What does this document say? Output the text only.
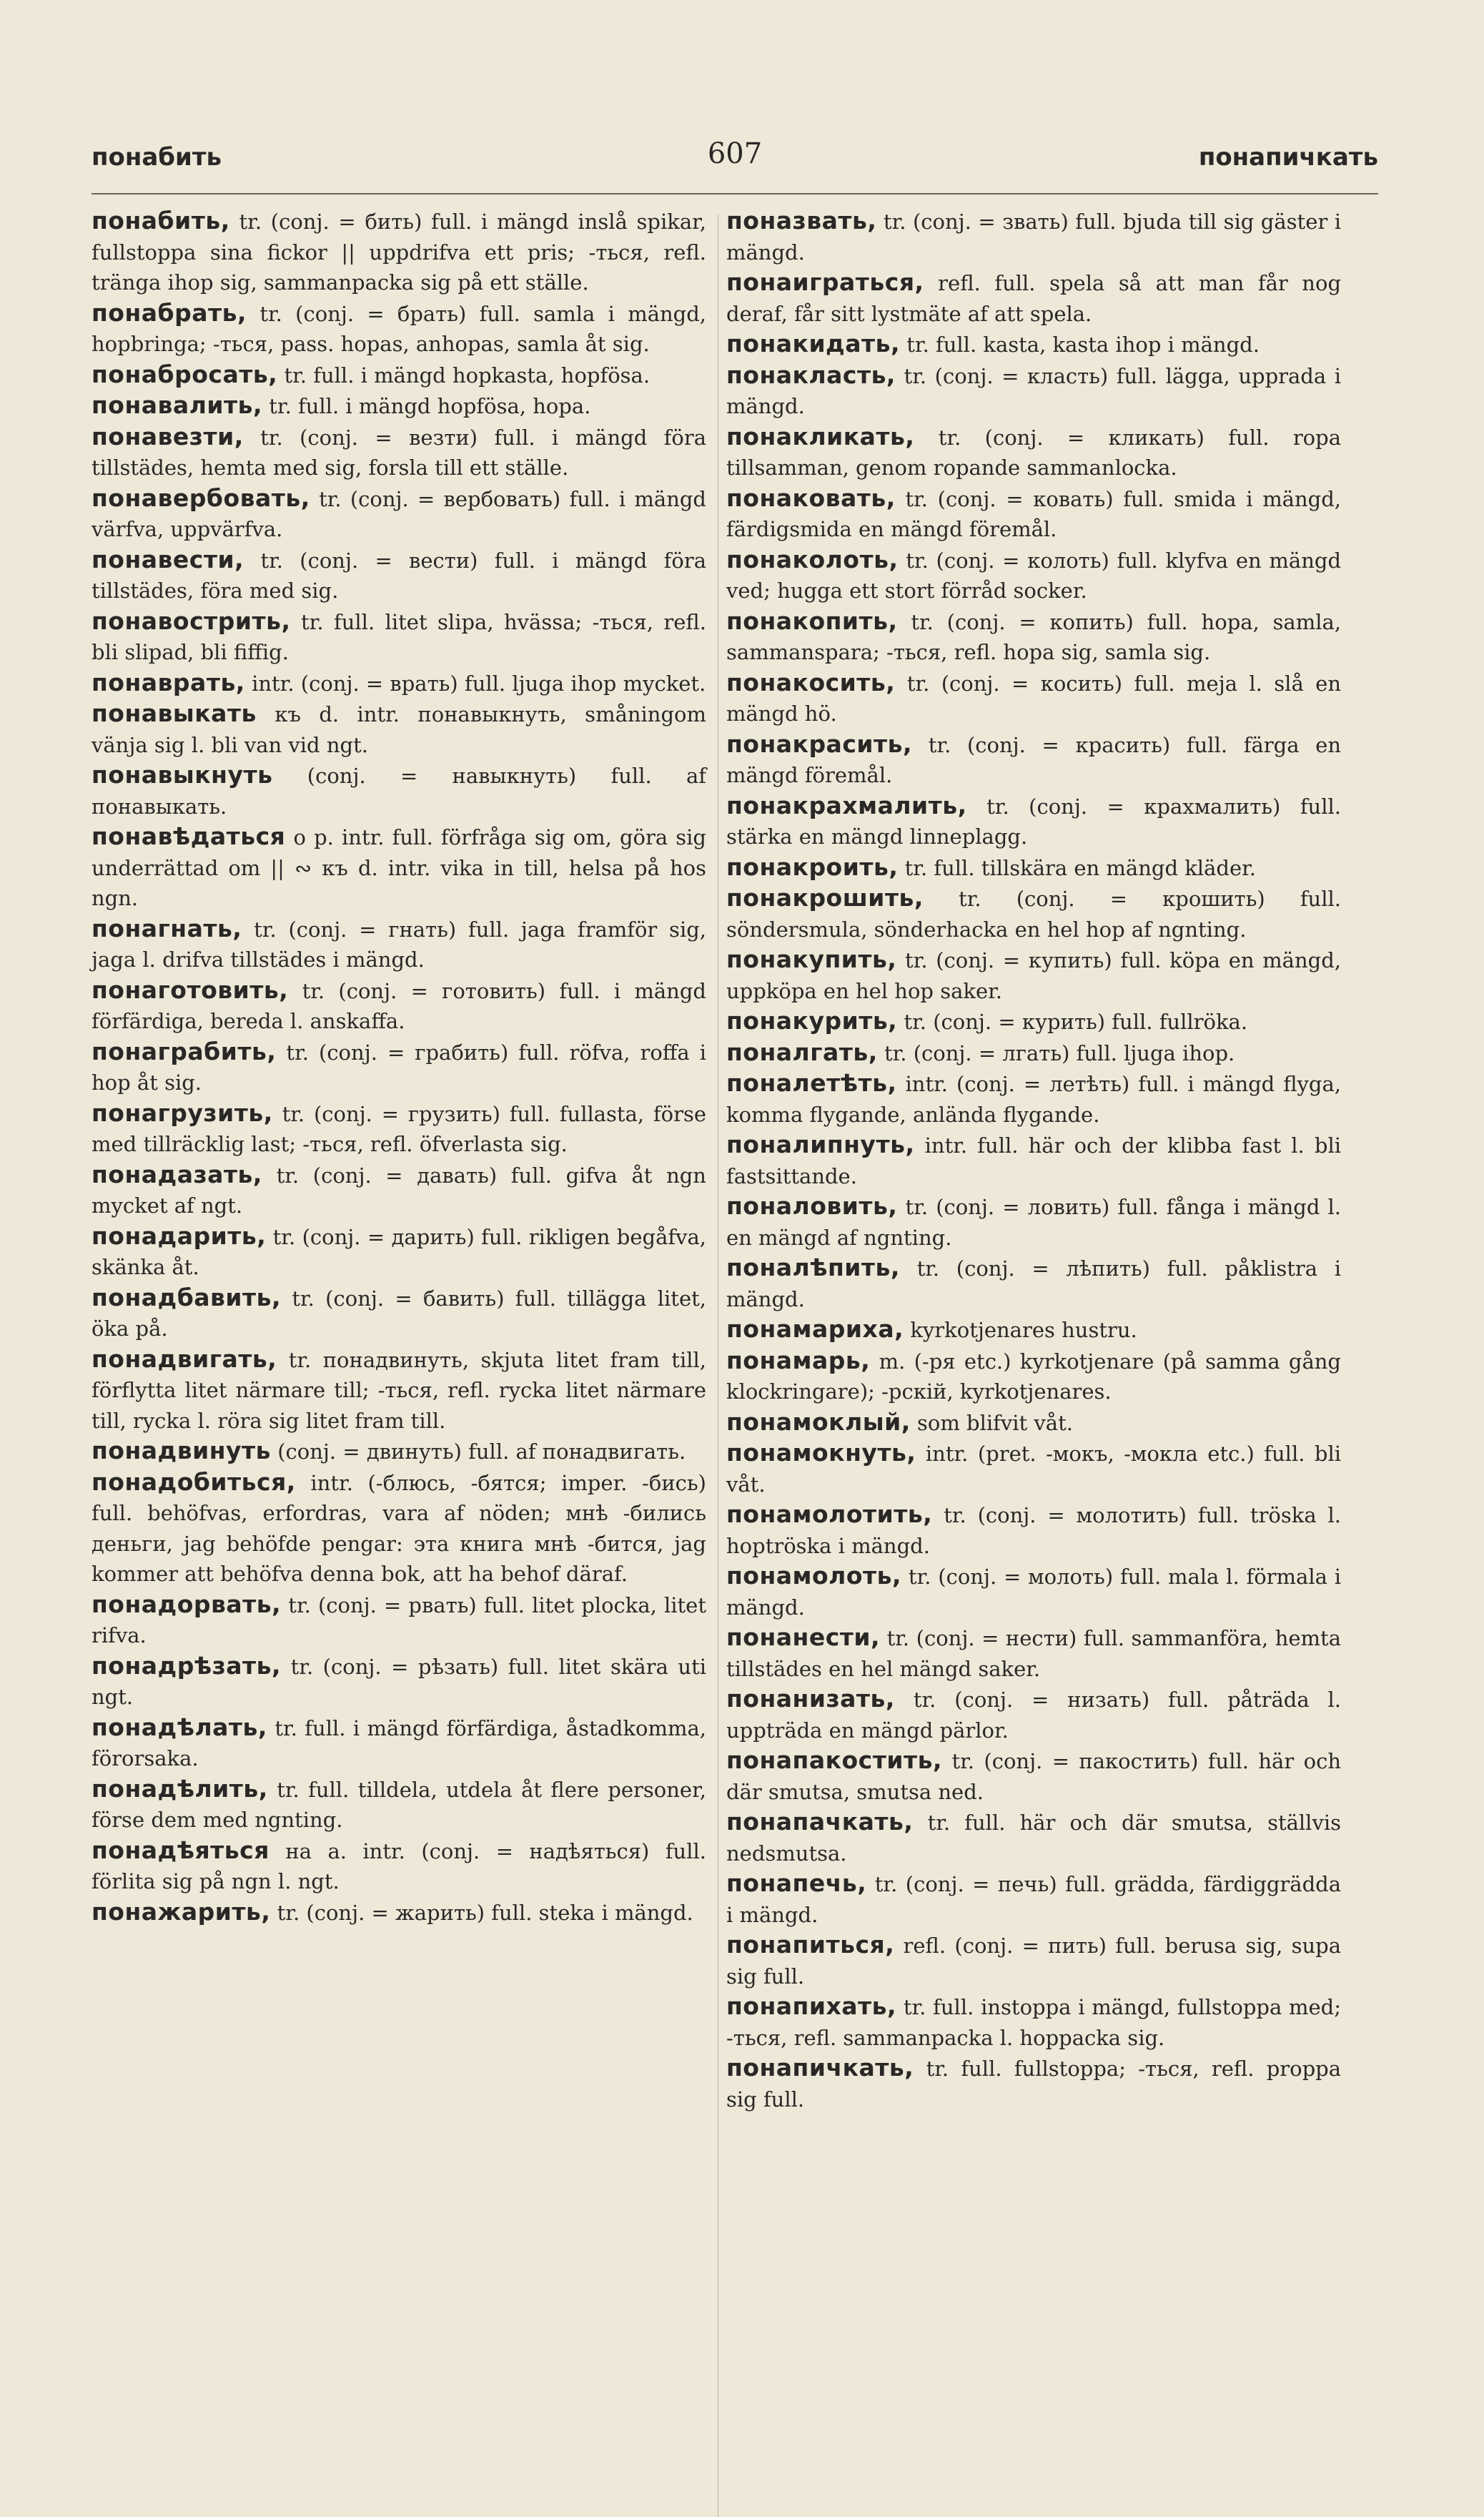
понабить	607	понапичкать
понабить, tr. (conj. = бить) full. i mängd inslå spikar, fullstoppa sina fickor || uppdrifva ett pris; -ться, refl. tränga ihop sig, sammanpacka sig på ett ställe.
понабрать, tr. (conj. = брать) full. samla i mängd, hopbringa; -ться, pass. hopas, anhopas, samla åt sig.
понабросать, tr. full. i mängd hopkasta, hopfösa.
понавалить, tr. full. i mängd hopfösa, hopa.
понавезти, tr. (conj. = везти) full. i mängd föra tillstädes, hemta med sig, forsla till ett ställe.
понавербовать, tr. (conj. = вербовать) full. i mängd värfva, uppvärfva.
понавести, tr. (conj. = вести) full. i mängd föra tillstädes, föra med sig.
понавострить, tr. full. litet slipa, hvässa; -ться, refl. bli slipad, bli fiffig.
понаврать, intr. (conj. = врать) full. ljuga ihop mycket.
понавыкать къ d. intr. понавыкнуть, småningom vänja sig l. bli van vid ngt.
понавыкнуть (conj. = навыкнуть) full. af понавыкать.
понавѣдаться о p. intr. full. förfråga sig om, göra sig underrättad om || ∾ къ d. intr. vika in till, helsa på hos ngn.
понагнать, tr. (conj. = гнать) full. jaga framför sig, jaga l. drifva tillstädes i mängd.
понаготовить, tr. (conj. = готовить) full. i mängd förfärdiga, bereda l. anskaffa.
понаграбить, tr. (conj. = грабить) full. röfva, roffa i hop åt sig.
понагрузить, tr. (conj. = грузить) full. fullasta, förse med tillräcklig last; -ться, refl. öfverlasta sig.
понадазать, tr. (conj. = давать) full. gifva åt ngn mycket af ngt.
понадарить, tr. (conj. = дарить) full. rikligen begåfva, skänka åt.
понадбавить, tr. (conj. = бавить) full. tillägga litet, öka på.
понадвигать, tr. понадвинуть, skjuta litet fram till, förflytta litet närmare till; -ться, refl. rycka litet närmare till, rycka l. röra sig litet fram till.
понадвинуть (conj. = двинуть) full. af понадвигать.
понадобиться, intr. (-блюсь, -бятся; imper. -бись) full. behöfvas, erfordras, vara af nöden; мнѣ -бились деньги, jag behöfde pengar: эта книга мнѣ -бится, jag kommer att behöfva denna bok, att ha behof däraf.
понадорвать, tr. (conj. = рвать) full. litet plocka, litet rifva.
понадрѣзать, tr. (conj. = рѣзать) full. litet skära uti ngt.
понадѣлать, tr. full. i mängd förfärdiga, åstadkomma, förorsaka.
понадѣлить, tr. full. tilldela, utdela åt flere personer, förse dem med ngnting.
понадѣяться на a. intr. (conj. = надѣяться) full. förlita sig på ngn l. ngt.
понажарить, tr. (conj. = жарить) full. steka i mängd.
поназвать, tr. (conj. = звать) full. bjuda till sig gäster i mängd.
понаиграться, refl. full. spela så att man får nog deraf, får sitt lystmäte af att spela.
понакидать, tr. full. kasta, kasta ihop i mängd.
понакласть, tr. (conj. = класть) full. lägga, upprada i mängd.
понакликать, tr. (conj. = кликать) full. ropa tillsamman, genom ropande sammanlocka.
понаковать, tr. (conj. = ковать) full. smida i mängd, färdigsmida en mängd föremål.
понаколоть, tr. (conj. = колоть) full. klyfva en mängd ved; hugga ett stort förråd socker.
понакопить, tr. (conj. = копить) full. hopa, samla, sammanspara; -ться, refl. hopa sig, samla sig.
понакосить, tr. (conj. = косить) full. meja l. slå en mängd hö.
понакрасить, tr. (conj. = красить) full. färga en mängd föremål.
понакрахмалить, tr. (conj. = крахмалить) full. stärka en mängd linneplagg.
понакроить, tr. full. tillskära en mängd kläder.
понакрошить, tr. (conj. = крошить) full. söndersmula, sönderhacka en hel hop af ngnting.
понакупить, tr. (conj. = купить) full. köpa en mängd, uppköpa en hel hop saker.
понакурить, tr. (conj. = курить) full. fullröka.
поналгать, tr. (conj. = лгать) full. ljuga ihop.
поналетѣть, intr. (conj. = летѣть) full. i mängd flyga, komma flygande, anlända flygande.
поналипнуть, intr. full. här och der klibba fast l. bli fastsittande.
поналовить, tr. (conj. = ловить) full. fånga i mängd l. en mängd af ngnting.
поналѣпить, tr. (conj. = лѣпить) full. påklistra i mängd.
понамариха, kyrkotjenares hustru.
понамарь, m. (-ря etc.) kyrkotjenare (på samma gång klockringare); -рскій, kyrkotjenares.
понамоклый, som blifvit våt.
понамокнуть, intr. (pret. -мокъ, -мокла etc.) full. bli våt.
понамолотить, tr. (conj. = молотить) full. tröska l. hoptröska i mängd.
понамолоть, tr. (conj. = молоть) full. mala l. förmala i mängd.
понанести, tr. (conj. = нести) full. sammanföra, hemta tillstädes en hel mängd saker.
понанизать, tr. (conj. = низать) full. påträda l. uppträda en mängd pärlor.
понапакостить, tr. (conj. = пакостить) full. här och där smutsa, smutsa ned.
понапачкать, tr. full. här och där smutsa, ställvis nedsmutsa.
понапечь, tr. (conj. = печь) full. grädda, färdiggrädda i mängd.
понапиться, refl. (conj. = пить) full. berusa sig, supa sig full.
понапихать, tr. full. instoppa i mängd, fullstoppa med; -ться, refl. sammanpacka l. hoppacka sig.
понапичкать, tr. full. fullstoppa; -ться, refl. proppa sig full.
